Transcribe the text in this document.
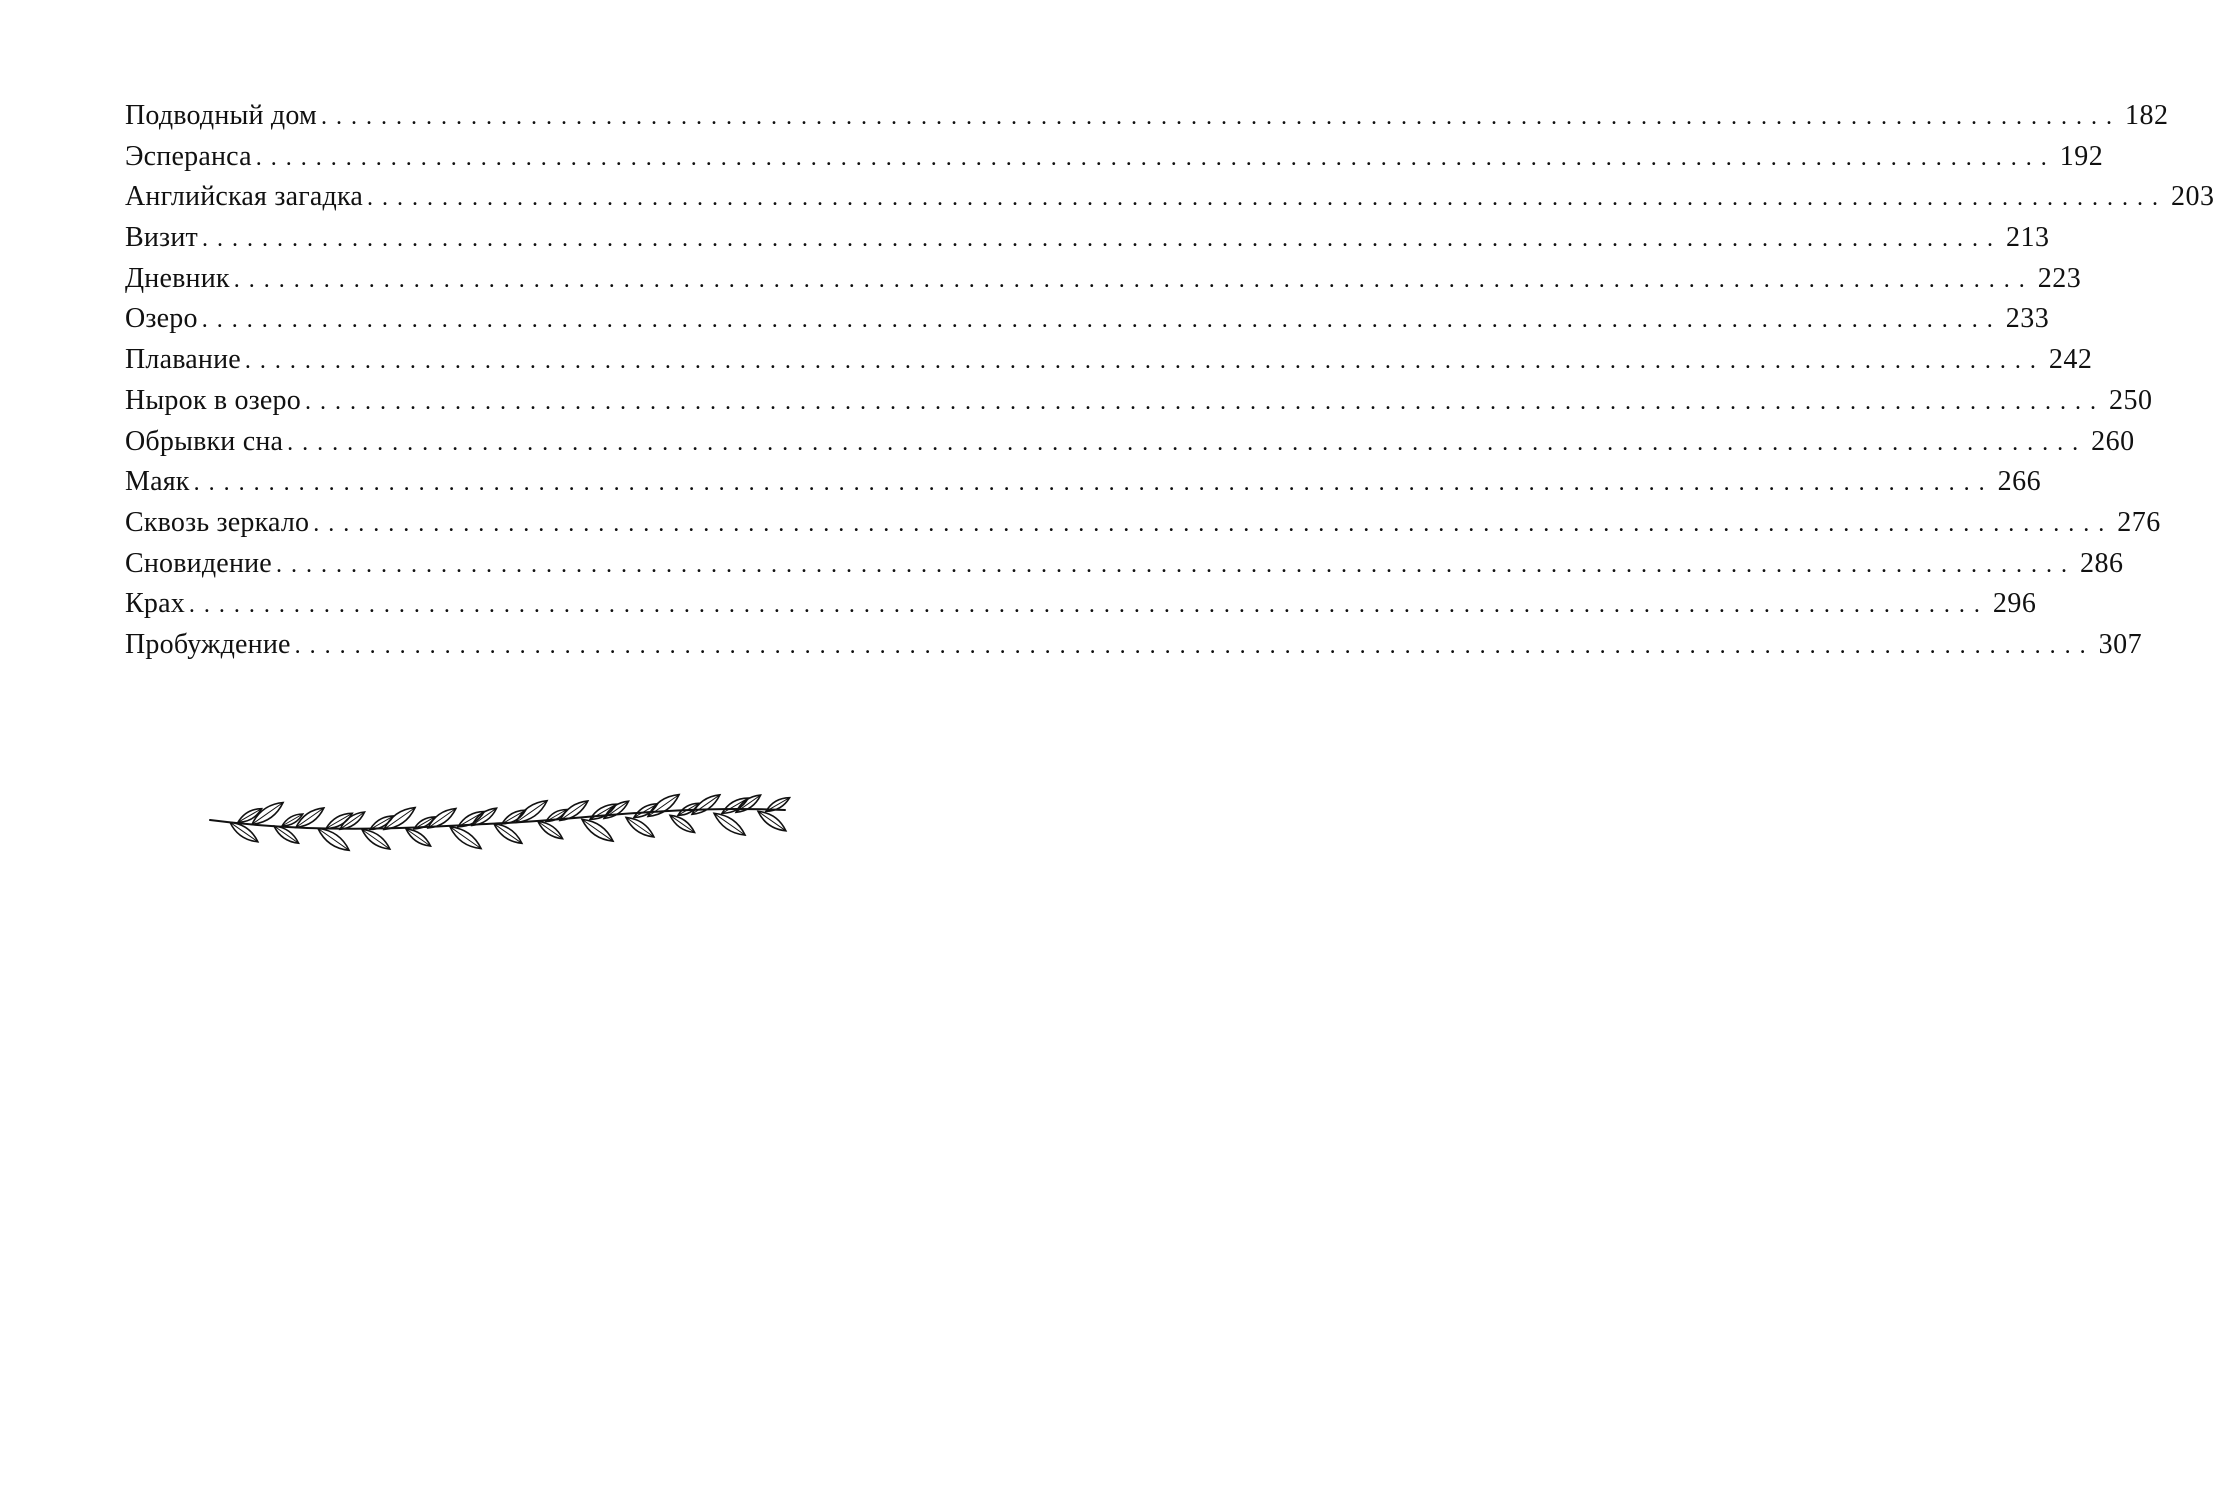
Подводный дом ........................................................................................................................ 182
Эсперанса ........................................................................................................................ 192
Английская загадка ........................................................................................................................ 203
Визит ........................................................................................................................ 213
Дневник ........................................................................................................................ 223
Озеро ........................................................................................................................ 233
Плавание ........................................................................................................................ 242
Нырок в озеро ........................................................................................................................ 250
Обрывки сна ........................................................................................................................ 260
Маяк ........................................................................................................................ 266
Сквозь зеркало ........................................................................................................................ 276
Сновидение ........................................................................................................................ 286
Крах ........................................................................................................................ 296
Пробуждение ........................................................................................................................ 307
